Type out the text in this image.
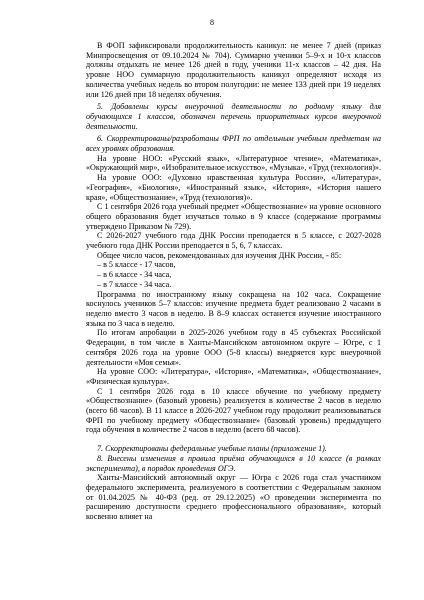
8

В ФОП зафиксировали продолжительность каникул: не менее 7 дней (приказ Минпросвещения от 09.10.2024 № 704). Суммарно ученики 5–9-х и 10-х классов должны отдыхать не менее 126 дней в году, ученики 11-х классов – 42 дня. На уровне НОО суммарную продолжительность каникул определяют исходя из количества учебных недель во втором полугодии: не менее 133 дней при 19 неделях или 126 дней при 18 неделях обучения.

5. Добавлены курсы внеурочной деятельности по родному языку для обучающихся 1 классов, обозначен перечень приоритетных курсов внеурочной деятельности.

6. Скорректированы/разработаны ФРП по отдельным учебным предметам на всех уровнях образования.

На уровне НОО: «Русский язык», «Литературное чтение», «Математика», «Окружающий мир», «Изобразительное искусство», «Музыка», «Труд (технология)».

На уровне ООО: «Духовно нравственная культура России», «Литература», «География», «Биология», «Иностранный язык», «История», «История нашего края», «Обществознание», «Труд (технология)».

С 1 сентября 2026 года учебный предмет «Обществознание» на уровне основного общего образования будет изучаться только в 9 классе (содержание программы утверждено Приказом № 729).

С 2026-2027 учебного года ДНК России преподается в 5 классе, с 2027-2028 учебного года ДНК России преподается в 5, 6, 7 классах.

Общее число часов, рекомендованных для изучения ДНК России, - 85:

– в 5 классе - 17 часов,

– в 6 классе - 34 часа,

– в 7 классе - 34 часа.

Программа по иностранному языку сокращена на 102 часа. Сокращение коснулось учеников 5–7 классов: изучение предмета будет реализовано 2 часами в неделю вместо 3 часов в неделю. В 8–9 классах останется изучение иностранного языка по 3 часа в неделю.

По итогам апробации в 2025-2026 учебном году в 45 субъектах Российской Федерации, в том числе в Ханты-Мансийском автономном округе – Югре, с 1 сентября 2026 года на уровне ООО (5-8 классы) внедряется курс внеурочной деятельности «Моя семья».

На уровне СОО: «Литература», «История», «Математика», «Обществознание», «Физическая культура».

С 1 сентября 2026 года в 10 классе обучение по учебному предмету «Обществознание» (базовый уровень) реализуется в количестве 2 часов в неделю (всего 68 часов). В 11 классе в 2026-2027 учебном году продолжит реализовываться ФРП по учебному предмету «Обществознание» (базовый уровень) предыдущего года обучения в количестве 2 часов в неделю (всего 68 часов).

7. Скорректированы федеральные учебные планы (приложение 1).

8. Внесены изменения в правила приёма обучающихся в 10 классе (в рамках эксперимента), в порядок проведения ОГЭ.

Ханты-Мансийский автономный округ — Югра с 2026 года стал участником федерального эксперимента, реализуемого в соответствии с Федеральным законом от 01.04.2025 № 40-ФЗ (ред. от 29.12.2025) «О проведении эксперимента по расширению доступности среднего профессионального образования», который косвенно влияет на
